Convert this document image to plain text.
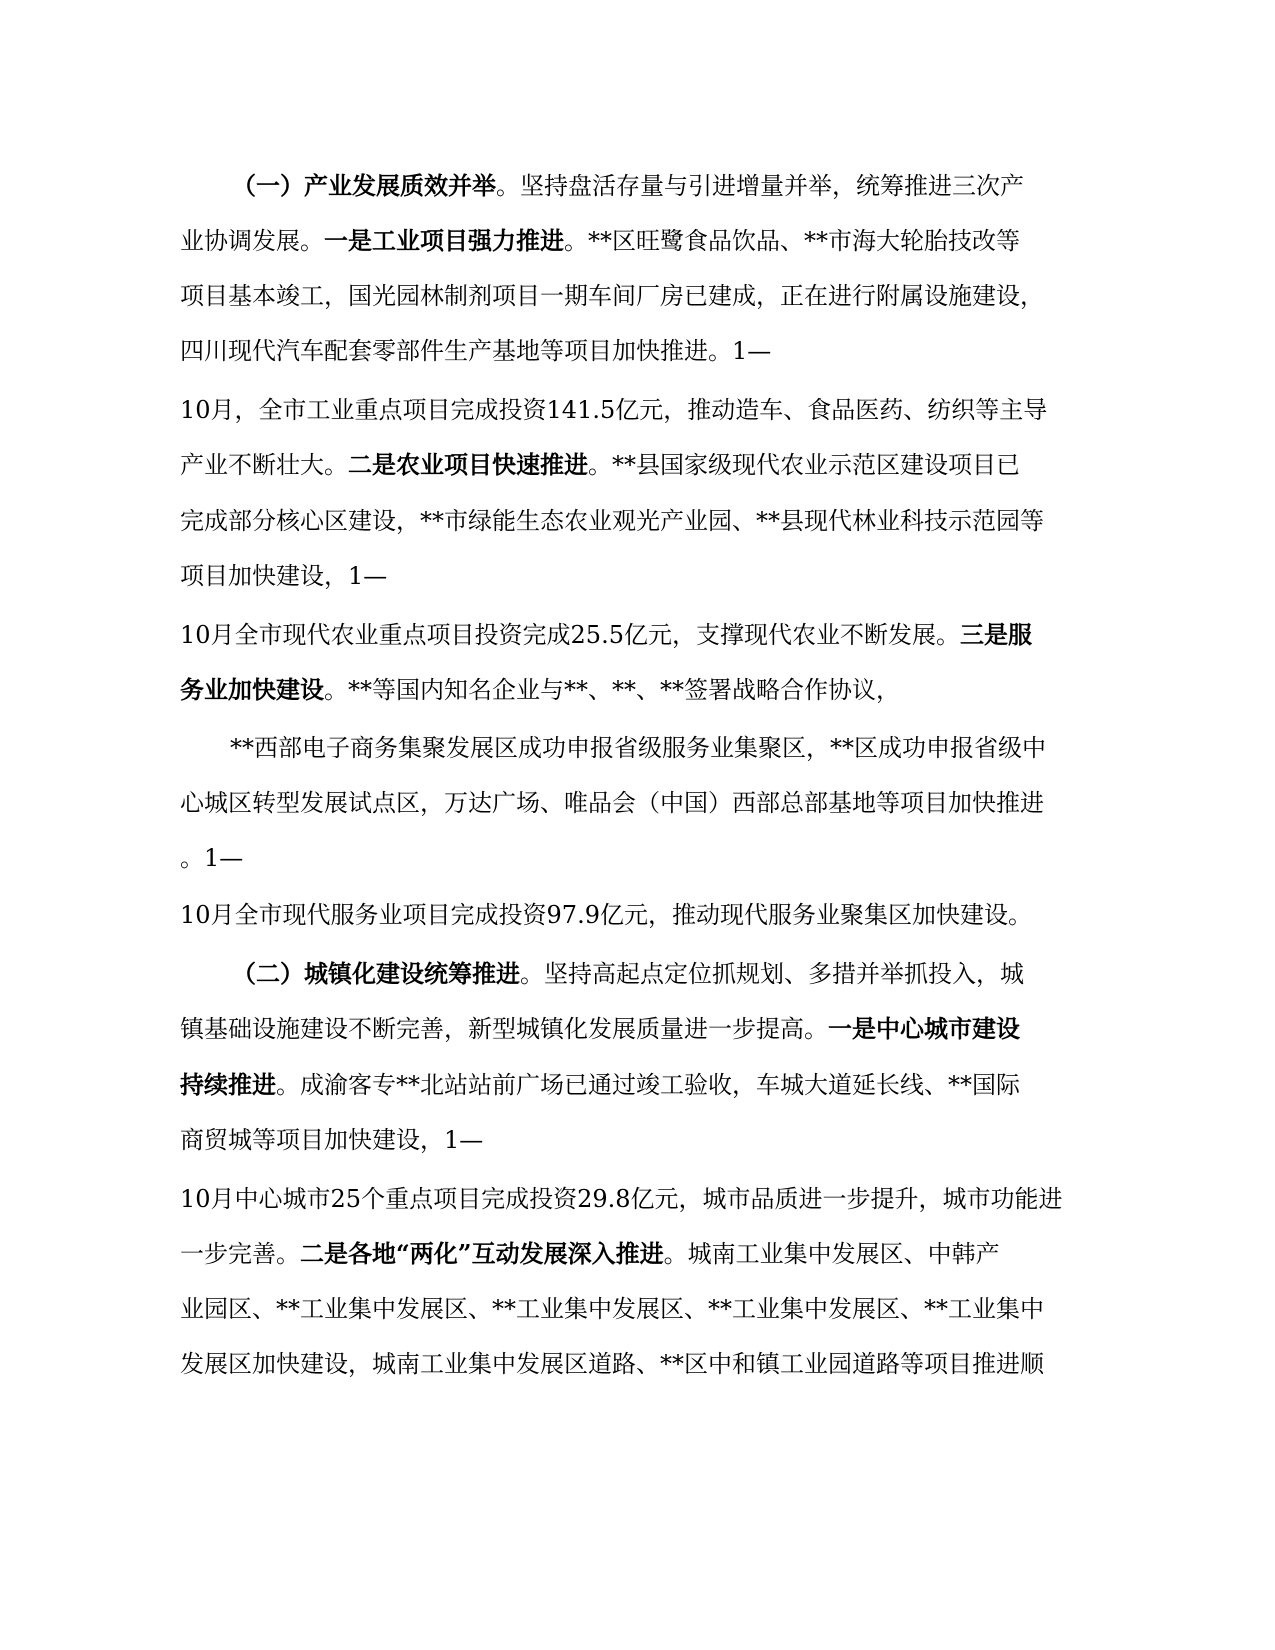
（一）产业发展质效并举。坚持盘活存量与引进增量并举，统筹推进三次产
业协调发展。一是工业项目强力推进。**区旺鹭食品饮品、**市海大轮胎技改等
项目基本竣工，国光园林制剂项目一期车间厂房已建成，正在进行附属设施建设，
四川现代汽车配套零部件生产基地等项目加快推进。1—
10月，全市工业重点项目完成投资141.5亿元，推动造车、食品医药、纺织等主导
产业不断壮大。二是农业项目快速推进。**县国家级现代农业示范区建设项目已
完成部分核心区建设，**市绿能生态农业观光产业园、**县现代林业科技示范园等
项目加快建设，1—
10月全市现代农业重点项目投资完成25.5亿元，支撑现代农业不断发展。三是服
务业加快建设。**等国内知名企业与**、**、**签署战略合作协议，
**西部电子商务集聚发展区成功申报省级服务业集聚区，**区成功申报省级中
心城区转型发展试点区，万达广场、唯品会（中国）西部总部基地等项目加快推进
。1—
10月全市现代服务业项目完成投资97.9亿元，推动现代服务业聚集区加快建设。
（二）城镇化建设统筹推进。坚持高起点定位抓规划、多措并举抓投入，城
镇基础设施建设不断完善，新型城镇化发展质量进一步提高。一是中心城市建设
持续推进。成渝客专**北站站前广场已通过竣工验收，车城大道延长线、**国际
商贸城等项目加快建设，1—
10月中心城市25个重点项目完成投资29.8亿元，城市品质进一步提升，城市功能进
一步完善。二是各地“两化”互动发展深入推进。城南工业集中发展区、中韩产
业园区、**工业集中发展区、**工业集中发展区、**工业集中发展区、**工业集中
发展区加快建设，城南工业集中发展区道路、**区中和镇工业园道路等项目推进顺
